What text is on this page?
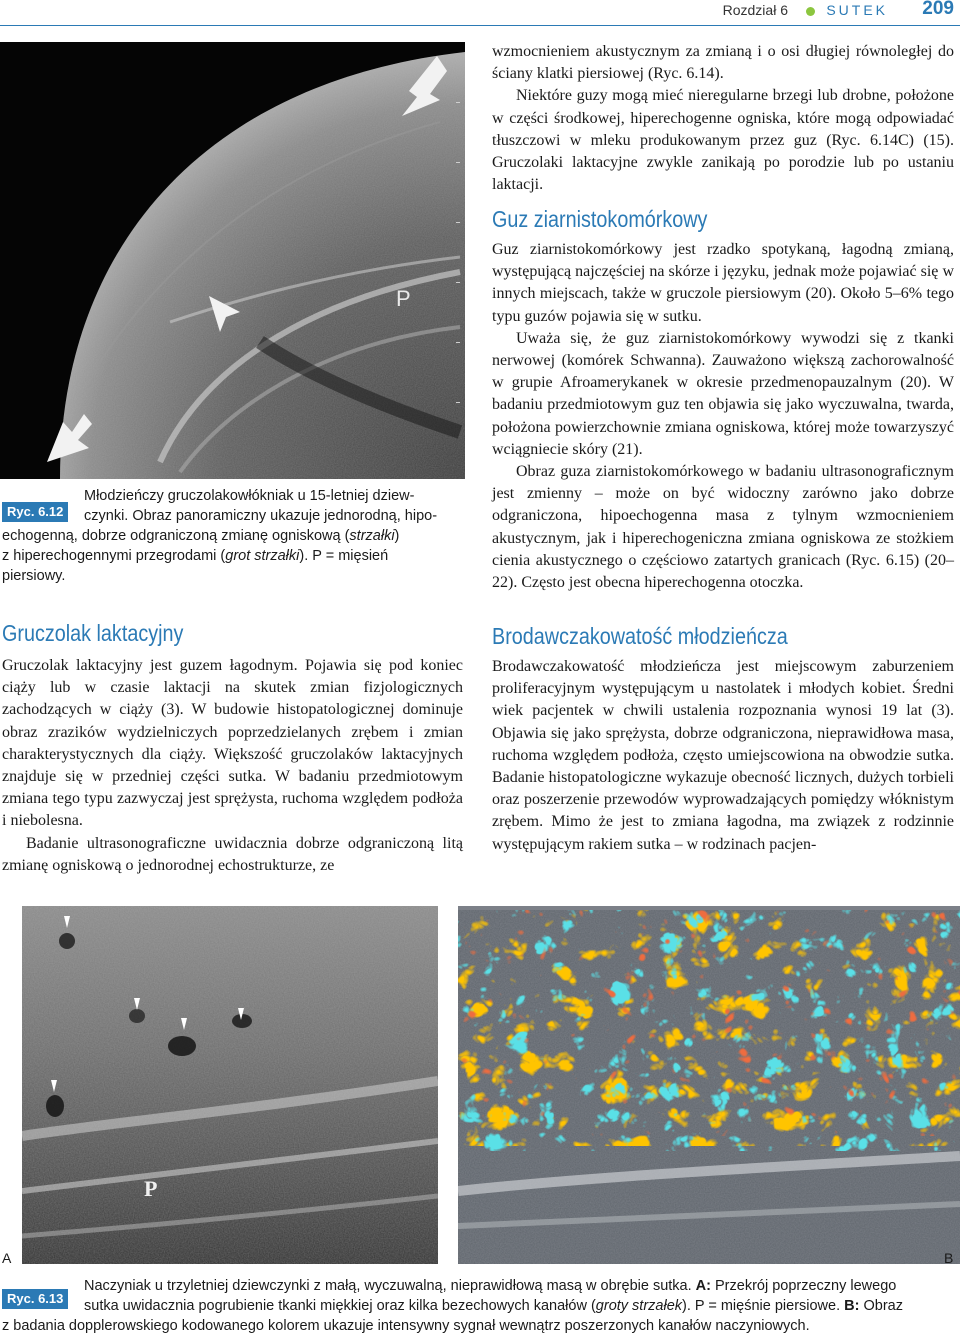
Rozdział 6	SUTEK 209
P
Ryc. 6.12
Młodzieńczy gruczolakowłókniak u 15-letniej dziew-
czynki. Obraz panoramiczny ukazuje jednorodną, hipo-
echogenną, dobrze odgraniczoną zmianę ogniskową (strzałki)
z hiperechogennymi przegrodami (grot strzałki). P = mięsień
piersiowy.
Gruczolak laktacyjny

Gruczolak laktacyjny jest guzem łagodnym. Pojawia się pod koniec ciąży lub w czasie laktacji na skutek zmian fizjologicznych zachodzących w ciąży (3). W budowie histopatologicznej dominuje obraz zrazików wydzielniczych poprzedzielanych zrębem i zmian charakterystycznych dla ciąży. Większość gruczolaków laktacyjnych znajduje się w przedniej części sutka. W badaniu przedmiotowym zmiana tego typu zazwyczaj jest sprężysta, ruchoma względem podłoża i niebolesna.

Badanie ultrasonograficzne uwidacznia dobrze odgraniczoną litą zmianę ogniskową o jednorodnej echostrukturze, ze

wzmocnieniem akustycznym za zmianą i o osi długiej równoległej do ściany klatki piersiowej (Ryc. 6.14).

Niektóre guzy mogą mieć nieregularne brzegi lub drobne, położone w części środkowej, hiperechogenne ogniska, które mogą odpowiadać tłuszczowi w mleku produkowanym przez guz (Ryc. 6.14C) (15). Gruczolaki laktacyjne zwykle zanikają po porodzie lub po ustaniu laktacji.

Guz ziarnistokomórkowy

Guz ziarnistokomórkowy jest rzadko spotykaną, łagodną zmianą, występującą najczęściej na skórze i języku, jednak może pojawiać się w innych miejscach, także w gruczole piersiowym (20). Około 5–6% tego typu guzów pojawia się w sutku.

Uważa się, że guz ziarnistokomórkowy wywodzi się z tkanki nerwowej (komórek Schwanna). Zauważono większą zachorowalność w grupie Afroamerykanek w okresie przedmenopauzalnym (20). W badaniu przedmiotowym guz ten objawia się jako wyczuwalna, twarda, położona powierzchownie zmiana ogniskowa, której może towarzyszyć wciągniecie skóry (21).

Obraz guza ziarnistokomórkowego w badaniu ultrasonograficznym jest zmienny – może on być widoczny zarówno jako dobrze odgraniczona, hipoechogenna masa z tylnym wzmocnieniem akustycznym, jak i hiperechogeniczna zmiana ogniskowa ze stożkiem cienia akustycznego o częściowo zatartych granicach (Ryc. 6.15) (20–22). Często jest obecna hiperechogenna otoczka.

Brodawczakowatość młodzieńcza

Brodawczakowatość młodzieńcza jest miejscowym zaburzeniem proliferacyjnym występującym u nastolatek i młodych kobiet. Średni wiek pacjentek w chwili ustalenia rozpoznania wynosi 19 lat (3). Objawia się jako sprężysta, dobrze odgraniczona, nieprawidłowa masa, ruchoma względem podłoża, często umiejscowiona na obwodzie sutka. Badanie histopatologiczne wykazuje obecność licznych, dużych torbieli oraz poszerzenie przewodów wyprowadzających pomiędzy włóknistym zrębem. Mimo że jest to zmiana łagodna, ma związek z rodzinnie występującym rakiem sutka – w rodzinach pacjen-

P
A	B
Ryc. 6.13
Naczyniak u trzyletniej dziewczynki z małą, wyczuwalną, nieprawidłową masą w obrębie sutka. A: Przekrój poprzeczny lewego
sutka uwidacznia pogrubienie tkanki miękkiej oraz kilka bezechowych kanałów (groty strzałek). P = mięśnie piersiowe. B: Obraz
z badania dopplerowskiego kodowanego kolorem ukazuje intensywny sygnał wewnątrz poszerzonych kanałów naczyniowych.
